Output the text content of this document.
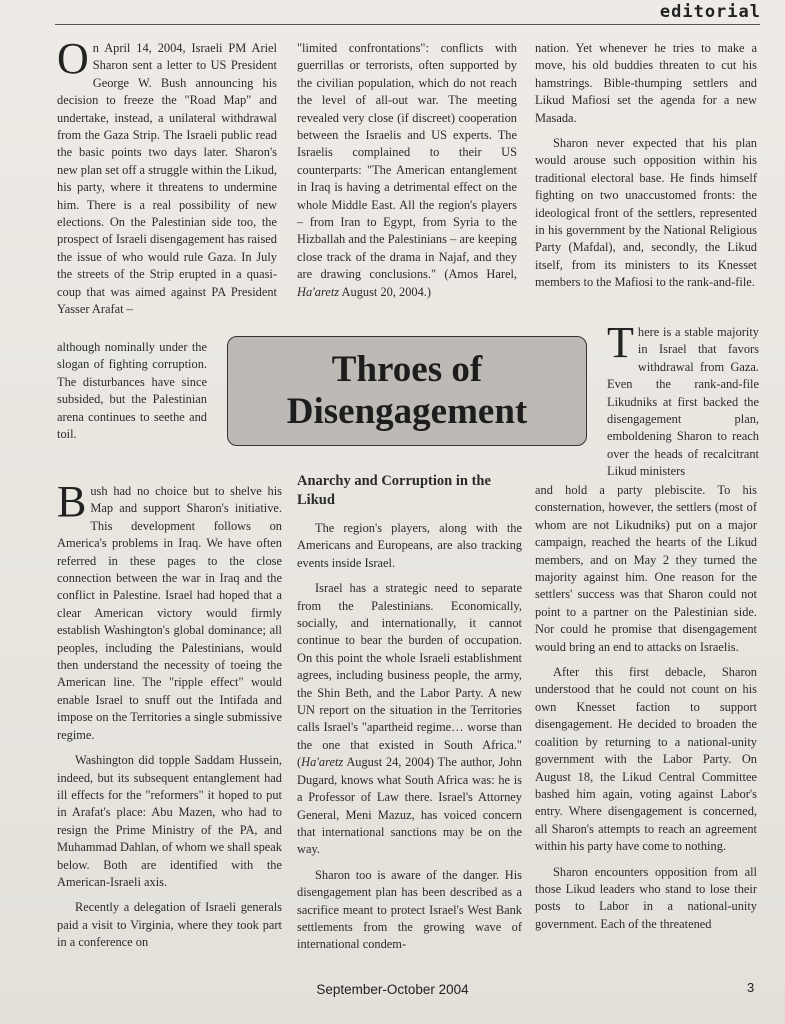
editorial

On April 14, 2004, Israeli PM Ariel Sharon sent a letter to US President George W. Bush announcing his decision to freeze the "Road Map" and undertake, instead, a unilateral withdrawal from the Gaza Strip. The Israeli public read the basic points two days later. Sharon's new plan set off a struggle within the Likud, his party, where it threatens to undermine him. There is a real possibility of new elections. On the Palestinian side too, the prospect of Israeli disengagement has raised the issue of who would rule Gaza. In July the streets of the Strip erupted in a quasi-coup that was aimed against PA President Yasser Arafat –

although nominally under the slogan of fighting corruption. The disturbances have since subsided, but the Palestinian arena continues to seethe and toil.

"limited confrontations": conflicts with guerrillas or terrorists, often supported by the civilian population, which do not reach the level of all-out war. The meeting revealed very close (if discreet) cooperation between the Israelis and US experts. The Israelis complained to their US counterparts: "The American entanglement in Iraq is having a detrimental effect on the whole Middle East. All the region's players – from Iran to Egypt, from Syria to the Hizballah and the Palestinians – are keeping close track of the drama in Najaf, and they are drawing conclusions." (Amos Harel, Ha'aretz August 20, 2004.)

nation. Yet whenever he tries to make a move, his old buddies threaten to cut his hamstrings. Bible-thumping settlers and Likud Mafiosi set the agenda for a new Masada.

Sharon never expected that his plan would arouse such opposition within his traditional electoral base. He finds himself fighting on two unaccustomed fronts: the ideological front of the settlers, represented in his government by the National Religious Party (Mafdal), and, secondly, the Likud itself, from its ministers to its Knesset members to the Mafiosi to the rank-and-file.

Throes of
Disengagement

There is a stable majority in Israel that favors withdrawal from Gaza. Even the rank-and-file Likudniks at first backed the disengagement plan, emboldening Sharon to reach over the heads of recalcitrant Likud ministers

and hold a party plebiscite. To his consternation, however, the settlers (most of whom are not Likudniks) put on a major campaign, reached the hearts of the Likud members, and on May 2 they turned the majority against him. One reason for the settlers' success was that Sharon could not point to a partner on the Palestinian side. Nor could he promise that disengagement would bring an end to attacks on Israelis.

After this first debacle, Sharon understood that he could not count on his own Knesset faction to support disengagement. He decided to broaden the coalition by returning to a national-unity government with the Labor Party. On August 18, the Likud Central Committee bashed him again, voting against Labor's entry. Where disengagement is concerned, all Sharon's attempts to reach an agreement within his party have come to nothing.

Sharon encounters opposition from all those Likud leaders who stand to lose their posts to Labor in a national-unity government. Each of the threatened

Bush had no choice but to shelve his Map and support Sharon's initiative. This development follows on America's problems in Iraq. We have often referred in these pages to the close connection between the war in Iraq and the conflict in Palestine. Israel had hoped that a clear American victory would firmly establish Washington's global dominance; all peoples, including the Palestinians, would then understand the necessity of toeing the American line. The "ripple effect" would enable Israel to snuff out the Intifada and impose on the Territories a single submissive regime.

Washington did topple Saddam Hussein, indeed, but its subsequent entanglement had ill effects for the "reformers" it hoped to put in Arafat's place: Abu Mazen, who had to resign the Prime Ministry of the PA, and Muhammad Dahlan, of whom we shall speak below. Both are identified with the American-Israeli axis.

Recently a delegation of Israeli generals paid a visit to Virginia, where they took part in a conference on

Anarchy and Corruption in the Likud

The region's players, along with the Americans and Europeans, are also tracking events inside Israel.

Israel has a strategic need to separate from the Palestinians. Economically, socially, and internationally, it cannot continue to bear the burden of occupation. On this point the whole Israeli establishment agrees, including business people, the army, the Shin Beth, and the Labor Party. A new UN report on the situation in the Territories calls Israel's "apartheid regime… worse than the one that existed in South Africa." (Ha'aretz August 24, 2004) The author, John Dugard, knows what South Africa was: he is a Professor of Law there. Israel's Attorney General, Meni Mazuz, has voiced concern that international sanctions may be on the way.

Sharon too is aware of the danger. His disengagement plan has been described as a sacrifice meant to protect Israel's West Bank settlements from the growing wave of international condem-

September-October 2004	3
